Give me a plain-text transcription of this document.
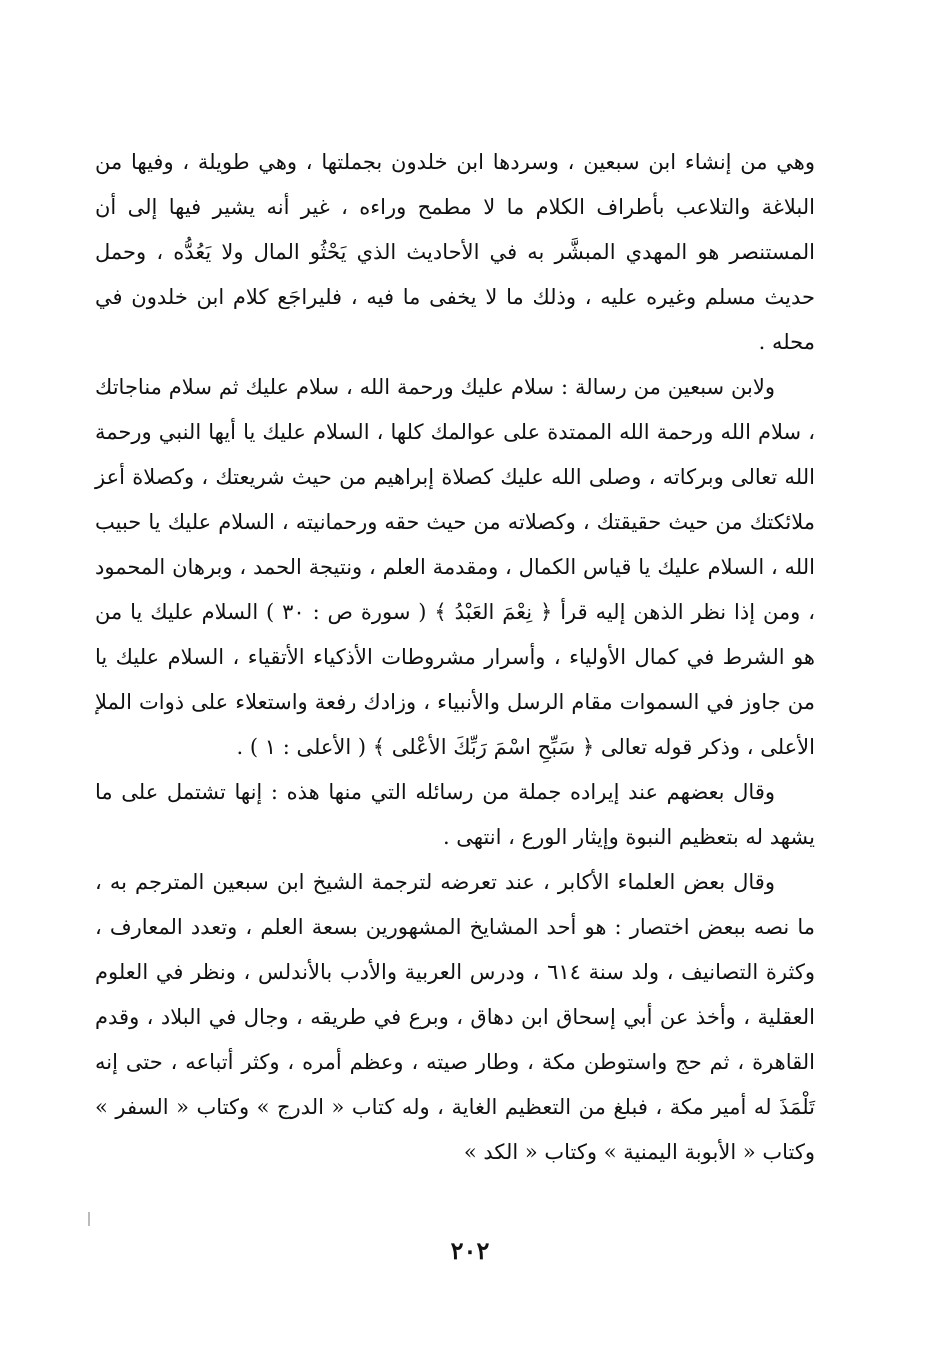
وهي من إنشاء ابن سبعين ، وسردها ابن خلدون بجملتها ، وهي طويلة ، وفيها من البلاغة والتلاعب بأطراف الكلام ما لا مطمح وراءه ، غير أنه يشير فيها إلى أن المستنصر هو المهدي المبشَّر به في الأحاديث الذي يَحْثُو المال ولا يَعُدُّه ، وحمل حديث مسلم وغيره عليه ، وذلك ما لا يخفى ما فيه ، فليراجَع كلام ابن خلدون في محله .

ولابن سبعين من رسالة : سلام عليك ورحمة الله ، سلام عليك ثم سلام مناجاتك ، سلام الله ورحمة الله الممتدة على عوالمك كلها ، السلام عليك يا أيها النبي ورحمة الله تعالى وبركاته ، وصلى الله عليك كصلاة إبراهيم من حيث شريعتك ، وكصلاة أعز ملائكتك من حيث حقيقتك ، وكصلاته من حيث حقه ورحمانيته ، السلام عليك يا حبيب الله ، السلام عليك يا قياس الكمال ، ومقدمة العلم ، ونتيجة الحمد ، وبرهان المحمود ، ومن إذا نظر الذهن إليه قرأ ﴿ نِعْمَ العَبْدُ ﴾ ( سورة ص : ٣٠ ) السلام عليك يا من هو الشرط في كمال الأولياء ، وأسرار مشروطات الأذكياء الأتقياء ، السلام عليك يا من جاوز في السموات مقام الرسل والأنبياء ، وزادك رفعة واستعلاء على ذوات الملإ الأعلى ، وذكر قوله تعالى ﴿ سَبِّحِ اسْمَ رَبِّكَ الأعْلى ﴾ ( الأعلى : ١ ) .

وقال بعضهم عند إيراده جملة من رسائله التي منها هذه : إنها تشتمل على ما يشهد له بتعظيم النبوة وإيثار الورع ، انتهى .

وقال بعض العلماء الأكابر ، عند تعرضه لترجمة الشيخ ابن سبعين المترجم به ، ما نصه ببعض اختصار : هو أحد المشايخ المشهورين بسعة العلم ، وتعدد المعارف ، وكثرة التصانيف ، ولد سنة ٦١٤ ، ودرس العربية والأدب بالأندلس ، ونظر في العلوم العقلية ، وأخذ عن أبي إسحاق ابن دهاق ، وبرع في طريقه ، وجال في البلاد ، وقدم القاهرة ، ثم حج واستوطن مكة ، وطار صيته ، وعظم أمره ، وكثر أتباعه ، حتى إنه تَلْمَذَ له أمير مكة ، فبلغ من التعظيم الغاية ، وله كتاب « الدرج » وكتاب « السفر » وكتاب « الأبوبة اليمنية » وكتاب « الكد »

٢٠٢
